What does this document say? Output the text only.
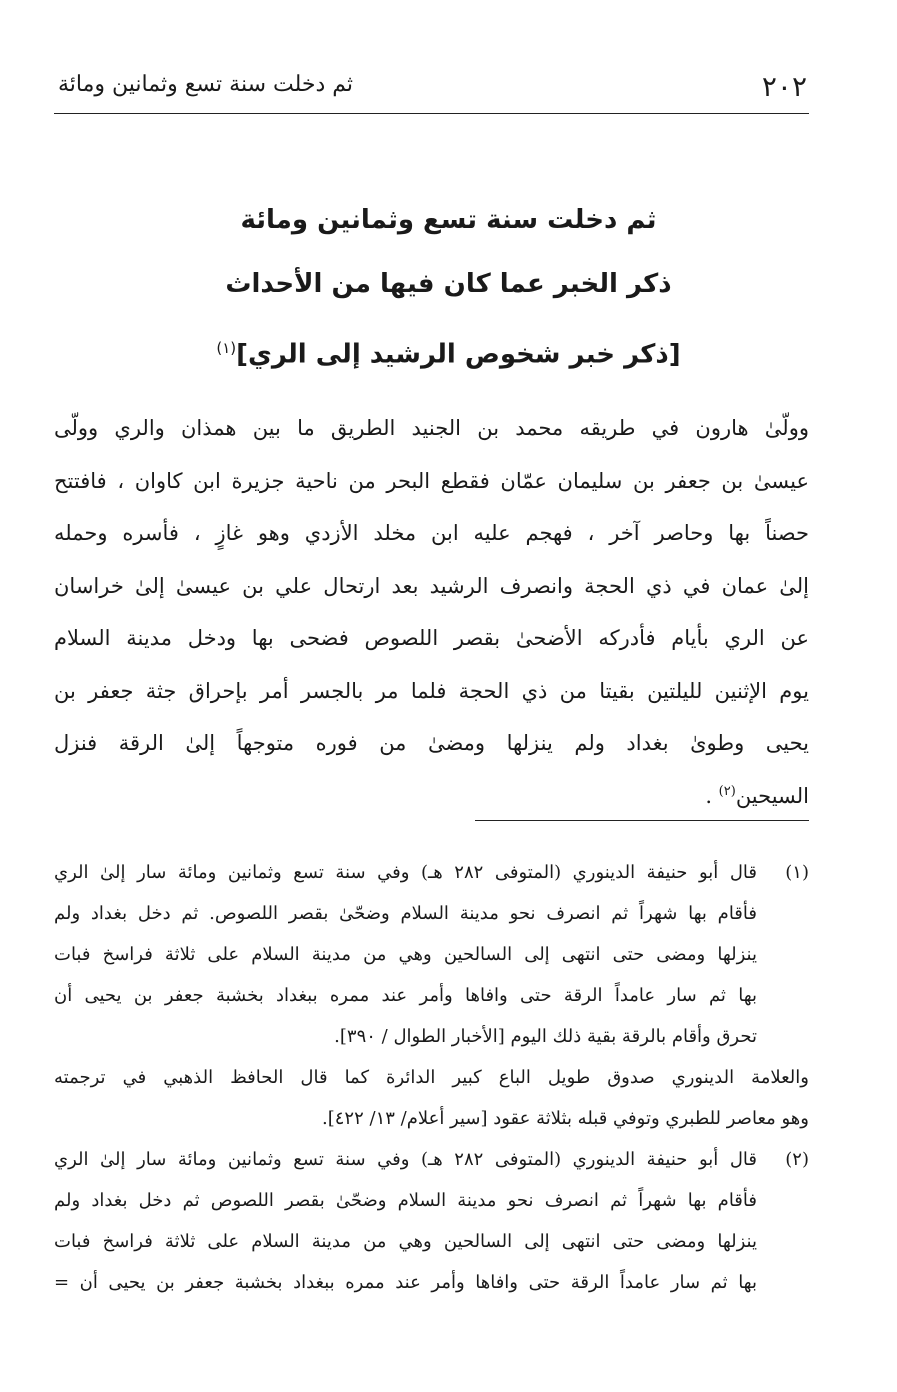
٢٠٢
ثم دخلت سنة تسع وثمانين ومائة
ثم دخلت سنة تسع وثمانين ومائة
ذكر الخبر عما كان فيها من الأحداث
[ذكر خبر شخوص الرشيد إلى الري]$^{(١)}$
وولّىٰ هارون في طريقه محمد بن الجنيد الطريق ما بين همذان والري وولّى
عيسىٰ بن جعفر بن سليمان عمّان فقطع البحر من ناحية جزيرة ابن كاوان ، فافتتح
حصناً بها وحاصر آخر ، فهجم عليه ابن مخلد الأزدي وهو غازٍ ، فأسره وحمله
إلىٰ عمان في ذي الحجة وانصرف الرشيد بعد ارتحال علي بن عيسىٰ إلىٰ خراسان
عن الري بأيام فأدركه الأضحىٰ بقصر اللصوص فضحى بها ودخل مدينة السلام
يوم الإثنين لليلتين بقيتا من ذي الحجة فلما مر بالجسر أمر بإحراق جثة جعفر بن
يحيى وطوىٰ بغداد ولم ينزلها ومضىٰ من فوره متوجهاً إلىٰ الرقة فنزل
السيحين$^{(٢)}$ .
(١)
قال أبو حنيفة الدينوري (المتوفى ٢٨٢ هـ) وفي سنة تسع وثمانين ومائة سار إلىٰ الري
فأقام بها شهراً ثم انصرف نحو مدينة السلام وضحّىٰ بقصر اللصوص. ثم دخل بغداد ولم
ينزلها ومضى حتى انتهى إلى السالحين وهي من مدينة السلام على ثلاثة فراسخ فبات
بها ثم سار عامداً الرقة حتى وافاها وأمر عند ممره ببغداد بخشبة جعفر بن يحيى أن
تحرق وأقام بالرقة بقية ذلك اليوم [الأخبار الطوال / ٣٩٠].
والعلامة الدينوري صدوق طويل الباع كبير الدائرة كما قال الحافظ الذهبي في ترجمته
وهو معاصر للطبري وتوفي قبله بثلاثة عقود [سير أعلام/ ١٣/ ٤٢٢].
(٢)
قال أبو حنيفة الدينوري (المتوفى ٢٨٢ هـ) وفي سنة تسع وثمانين ومائة سار إلىٰ الري
فأقام بها شهراً ثم انصرف نحو مدينة السلام وضحّىٰ بقصر اللصوص ثم دخل بغداد ولم
ينزلها ومضى حتى انتهى إلى السالحين وهي من مدينة السلام على ثلاثة فراسخ فبات
بها ثم سار عامداً الرقة حتى وافاها وأمر عند ممره ببغداد بخشبة جعفر بن يحيى أن =
